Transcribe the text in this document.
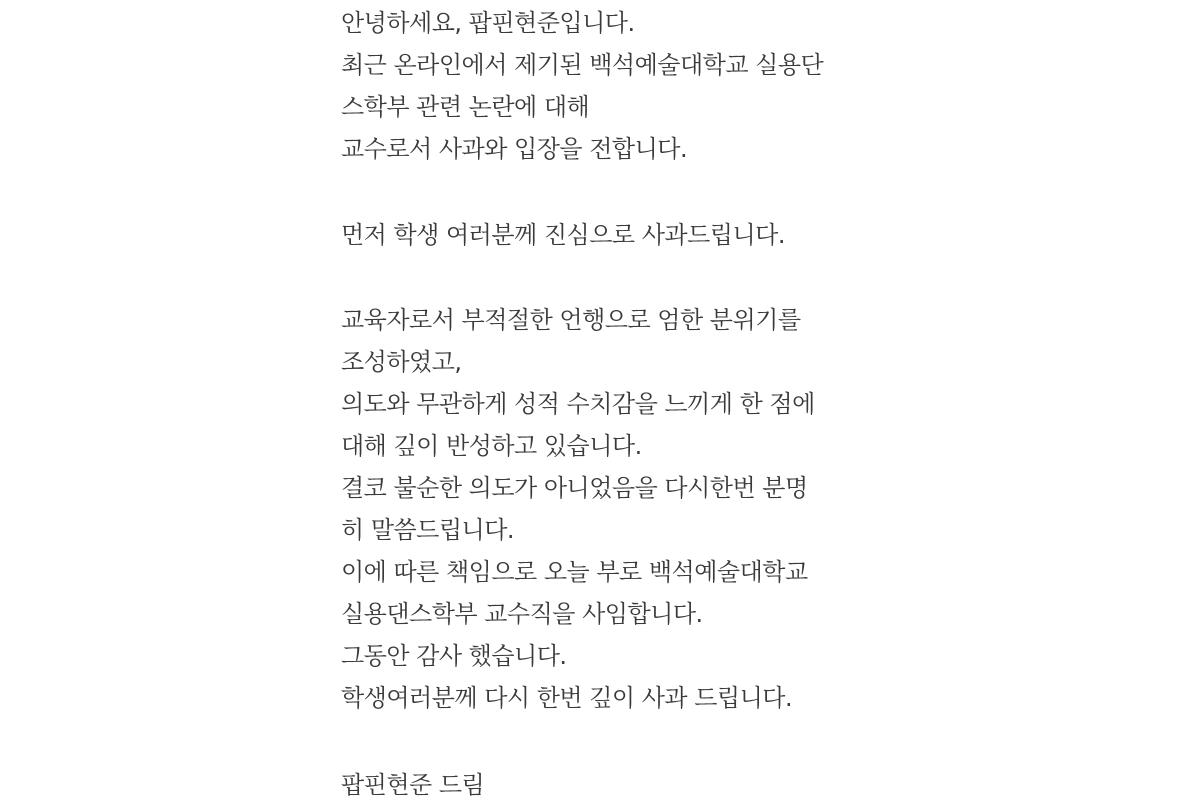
안녕하세요, 팝핀현준입니다.
최근 온라인에서 제기된 백석예술대학교 실용단
스학부 관련 논란에 대해
교수로서 사과와 입장을 전합니다.
먼저 학생 여러분께 진심으로 사과드립니다.
교육자로서 부적절한 언행으로 엄한 분위기를
조성하였고,
의도와 무관하게 성적 수치감을 느끼게 한 점에
대해 깊이 반성하고 있습니다.
결코 불순한 의도가 아니었음을 다시한번 분명
히 말씀드립니다.
이에 따른 책임으로 오늘 부로 백석예술대학교
실용댄스학부 교수직을 사임합니다.
그동안 감사 했습니다.
학생여러분께 다시 한번 깊이 사과 드립니다.
팝핀현준 드림
